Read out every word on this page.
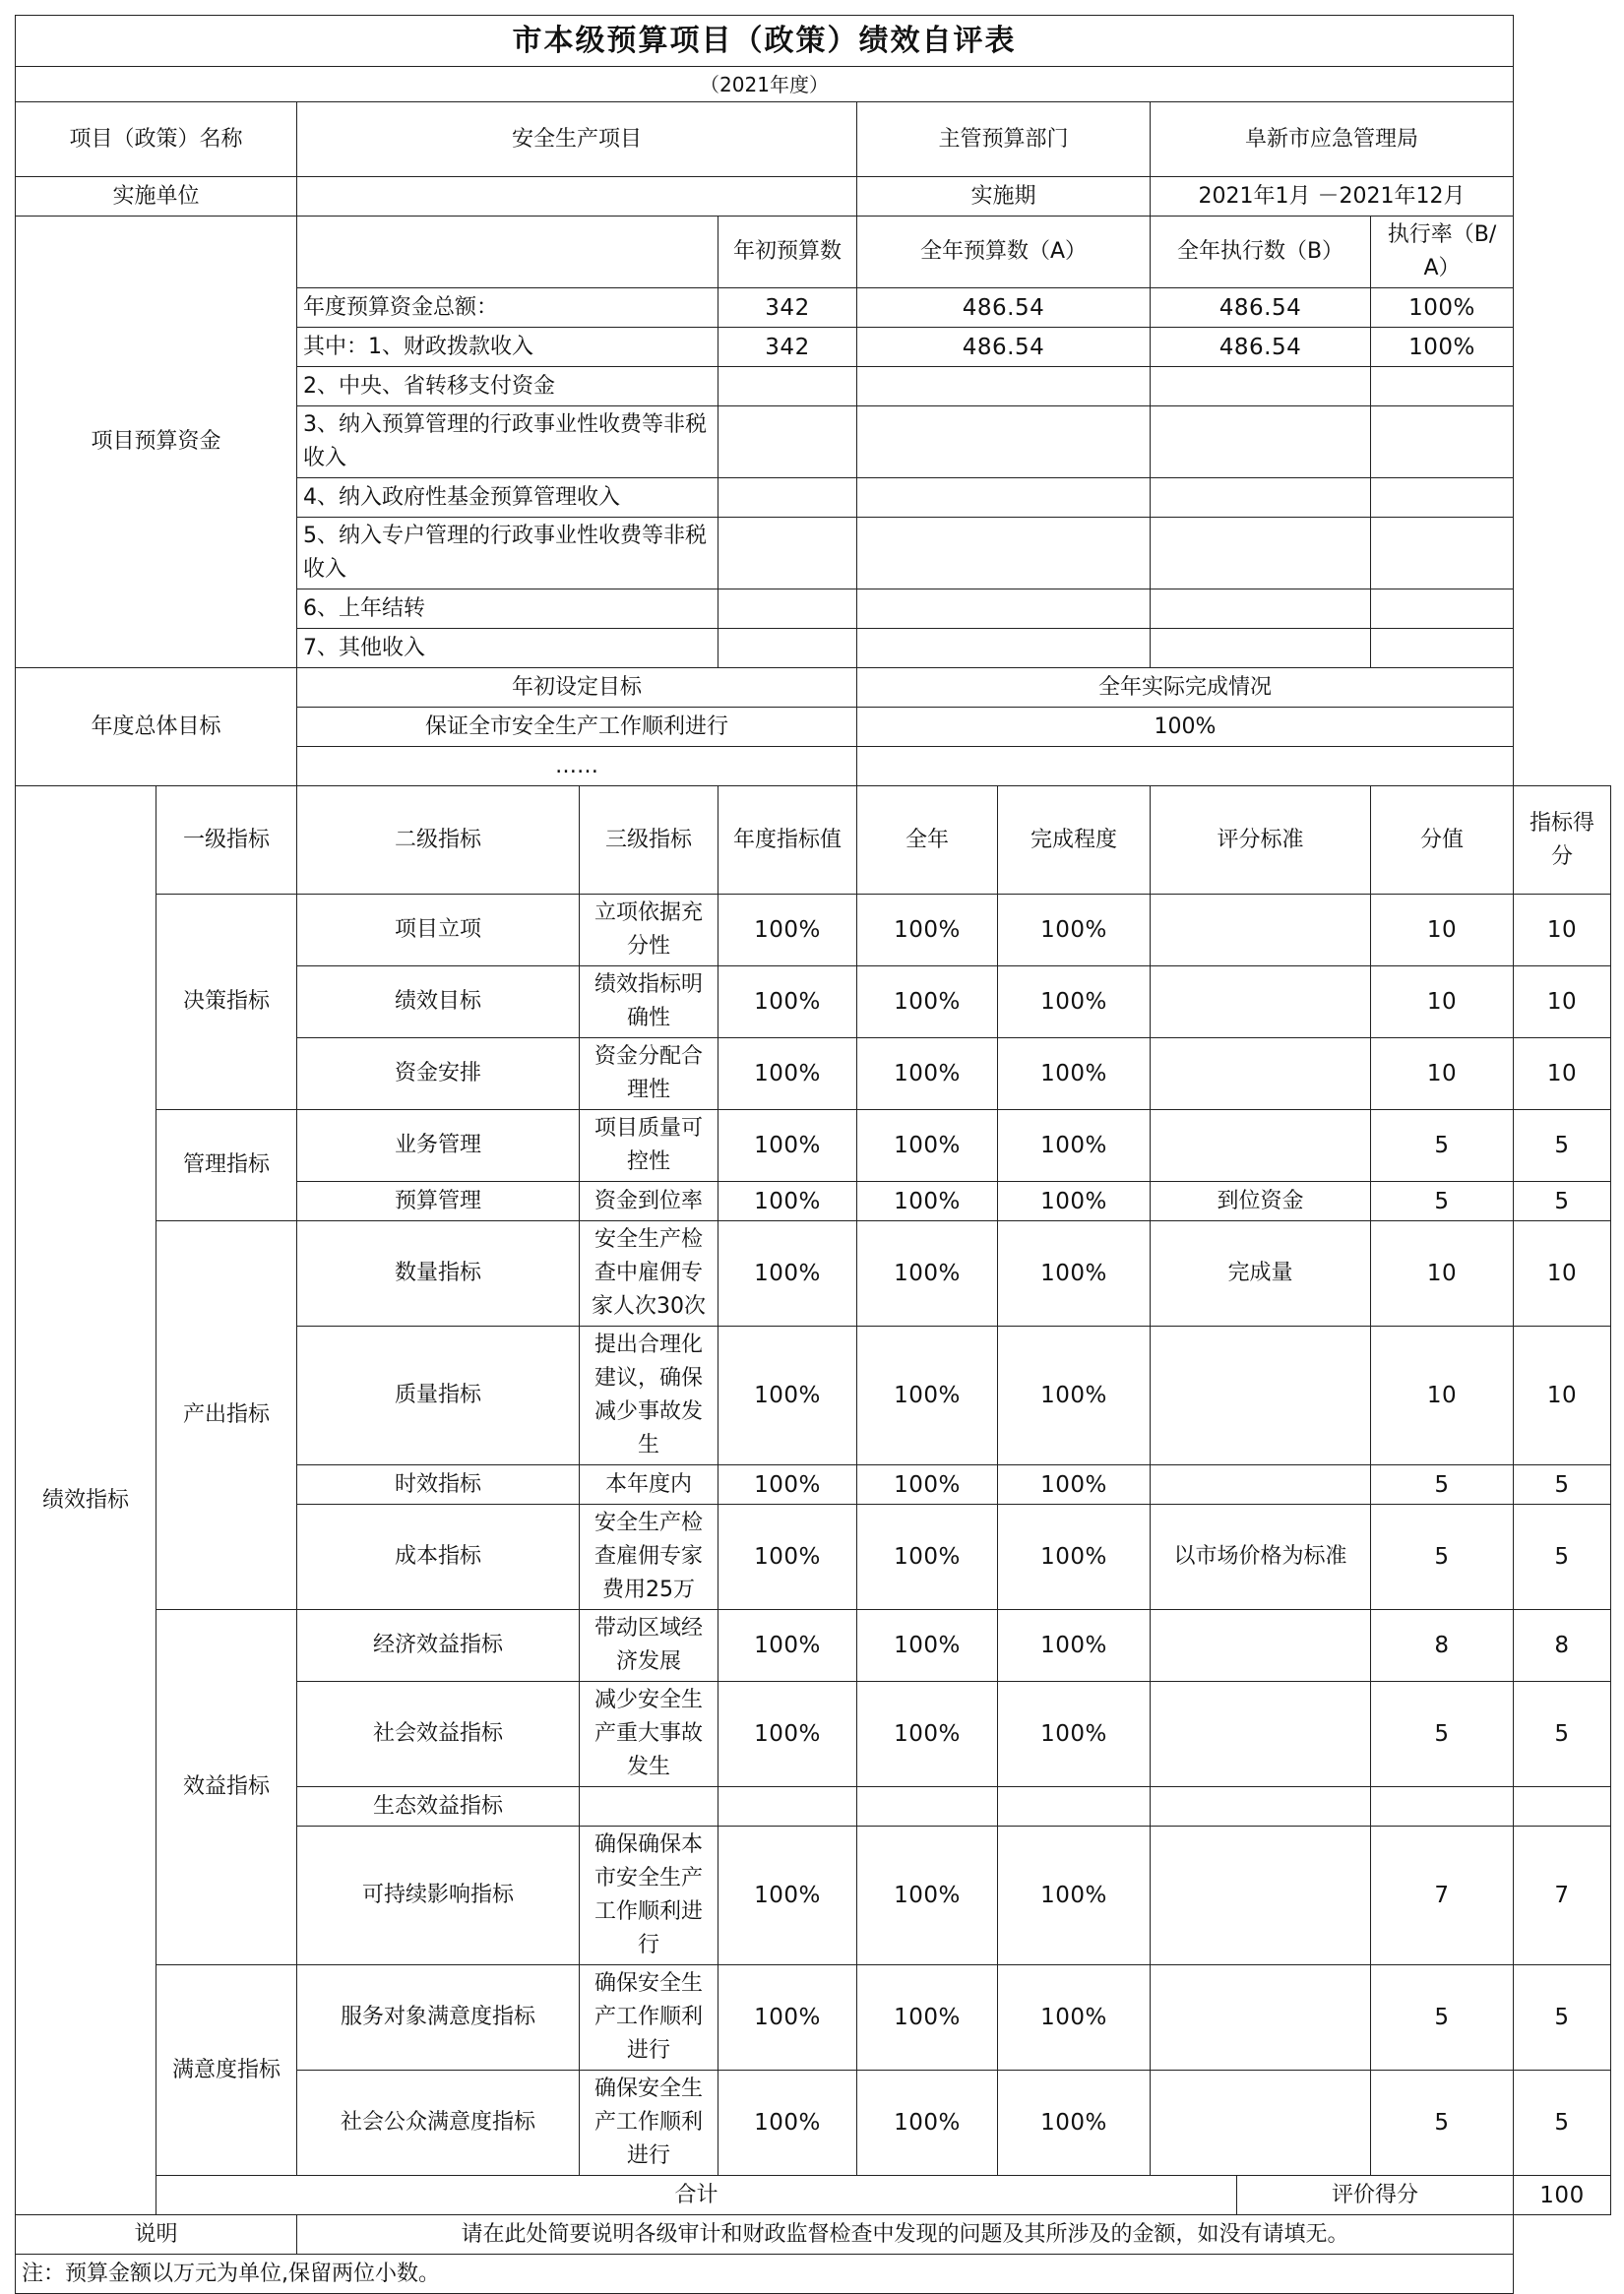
市本级预算项目（政策）绩效自评表										
（2021年度）										
项目（政策）名称		安全生产项目			主管预算部门		阜新市应急管理局			
实施单位					实施期		2021年1月 －2021年12月			
项目预算资金				年初预算数	全年预算数（A）		全年执行数（B）		执行率（B/A）	
		年度预算资金总额：		342	486.54		486.54		100%	
		其中：1、财政拨款收入		342	486.54		486.54		100%	
		2、中央、省转移支付资金								
		3、纳入预算管理的行政事业性收费等非税收入								
		4、纳入政府性基金预算管理收入								
		5、纳入专户管理的行政事业性收费等非税收入								
		6、上年结转								
		7、其他收入								
年度总体目标		年初设定目标			全年实际完成情况					
		保证全市安全生产工作顺利进行			100%					
		……								
绩效指标	一级指标	二级指标	三级指标	年度指标值	全年	完成程度	评分标准		分值	指标得分
	决策指标	项目立项	立项依据充分性	100%	100%	100%			10	10
		绩效目标	绩效指标明确性	100%	100%	100%			10	10
		资金安排	资金分配合理性	100%	100%	100%			10	10
	管理指标	业务管理	项目质量可控性	100%	100%	100%			5	5
		预算管理	资金到位率	100%	100%	100%	到位资金		5	5
	产出指标	数量指标	安全生产检查中雇佣专家人次30次	100%	100%	100%	完成量		10	10
		质量指标	提出合理化建议，确保减少事故发生	100%	100%	100%			10	10
		时效指标	本年度内	100%	100%	100%			5	5
		成本指标	安全生产检查雇佣专家费用25万	100%	100%	100%	以市场价格为标准		5	5
	效益指标	经济效益指标	带动区域经济发展	100%	100%	100%			8	8
		社会效益指标	减少安全生产重大事故发生	100%	100%	100%			5	5
		生态效益指标								
		可持续影响指标	确保确保本市安全生产工作顺利进行	100%	100%	100%			7	7
	满意度指标	服务对象满意度指标	确保安全生产工作顺利进行	100%	100%	100%			5	5
		社会公众满意度指标	确保安全生产工作顺利进行	100%	100%	100%			5	5
	合计							评价得分		100
说明		请在此处简要说明各级审计和财政监督检查中发现的问题及其所涉及的金额，如没有请填无。								
注：预算金额以万元为单位,保留两位小数。										
